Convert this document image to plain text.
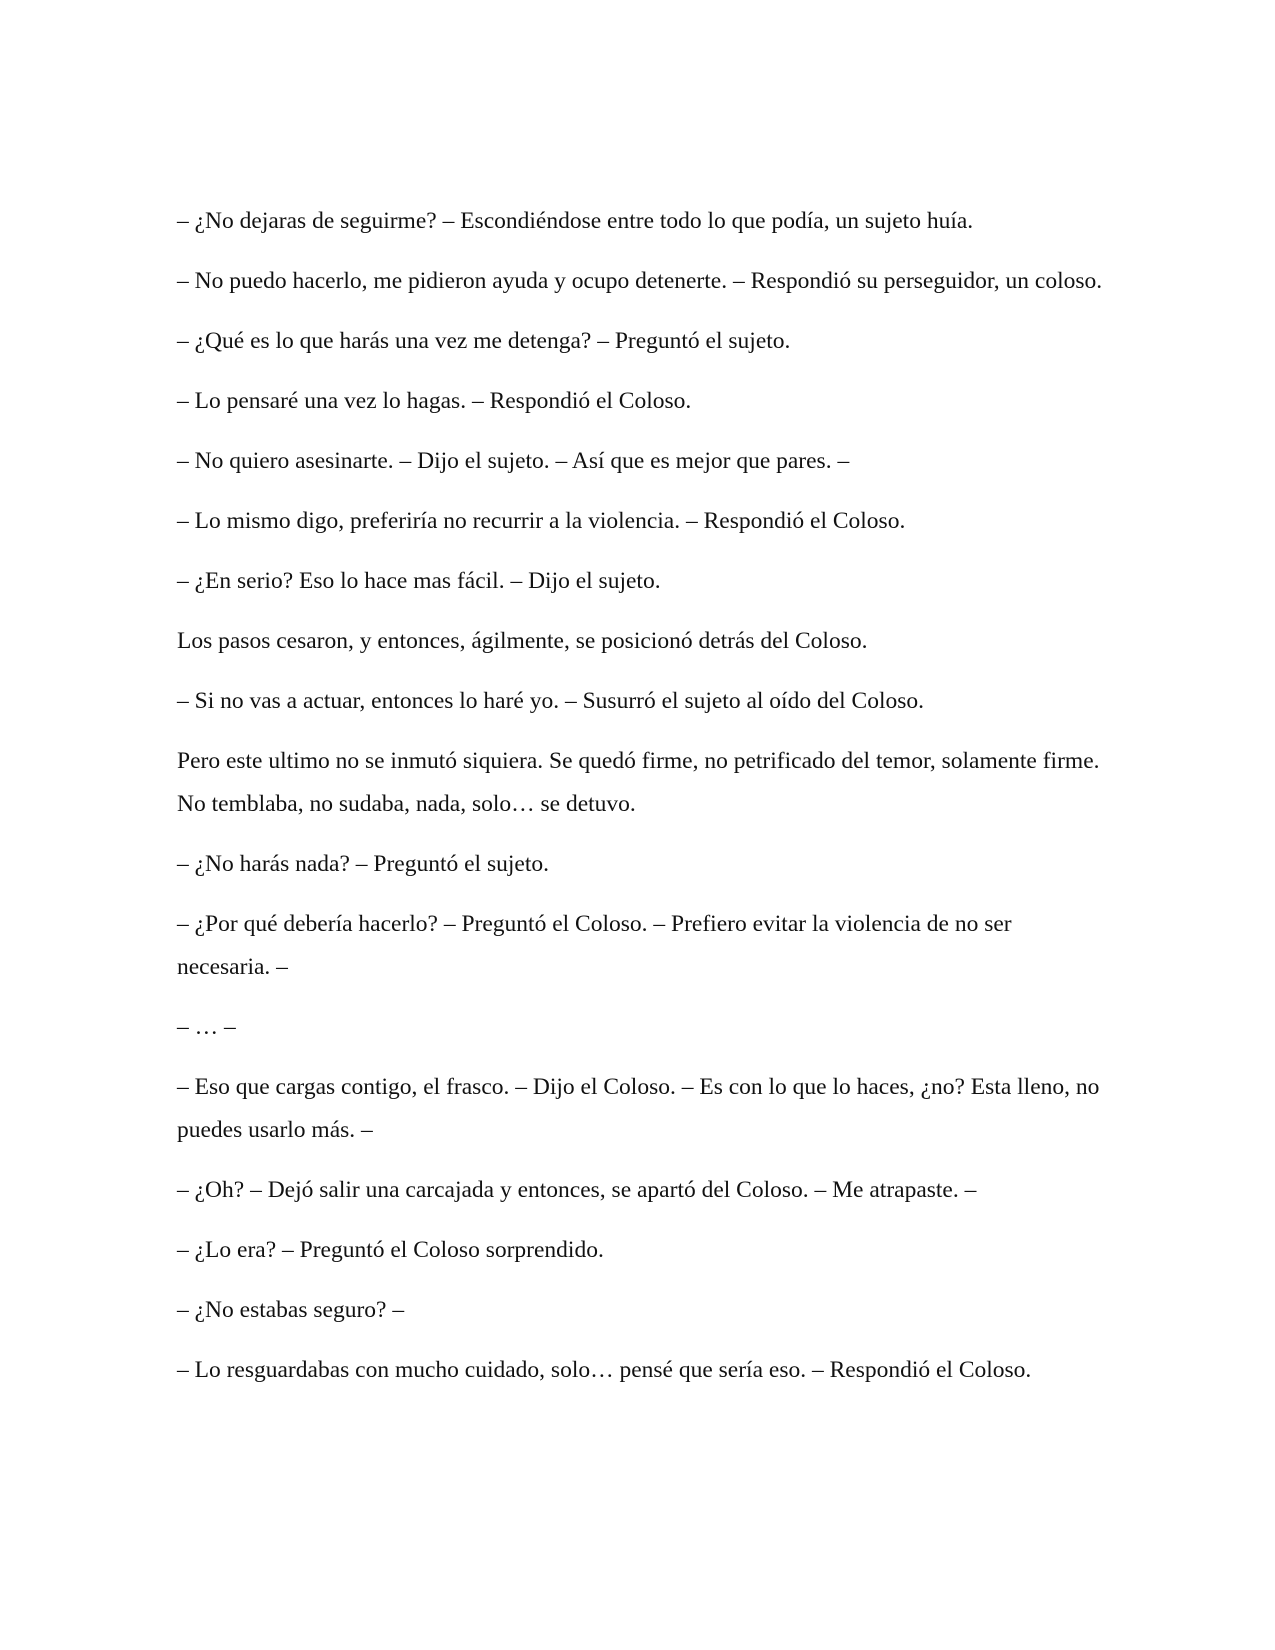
– ¿No dejaras de seguirme? – Escondiéndose entre todo lo que podía, un sujeto huía.

– No puedo hacerlo, me pidieron ayuda y ocupo detenerte. – Respondió su perseguidor, un coloso.

– ¿Qué es lo que harás una vez me detenga? – Preguntó el sujeto.

– Lo pensaré una vez lo hagas. – Respondió el Coloso.

– No quiero asesinarte. – Dijo el sujeto. – Así que es mejor que pares. –

– Lo mismo digo, preferiría no recurrir a la violencia. – Respondió el Coloso.

– ¿En serio? Eso lo hace mas fácil. – Dijo el sujeto.

Los pasos cesaron, y entonces, ágilmente, se posicionó detrás del Coloso.

– Si no vas a actuar, entonces lo haré yo. – Susurró el sujeto al oído del Coloso.

Pero este ultimo no se inmutó siquiera. Se quedó firme, no petrificado del temor, solamente firme. No temblaba, no sudaba, nada, solo… se detuvo.

– ¿No harás nada? – Preguntó el sujeto.

– ¿Por qué debería hacerlo? – Preguntó el Coloso. – Prefiero evitar la violencia de no ser necesaria. –

– … –

– Eso que cargas contigo, el frasco. – Dijo el Coloso. – Es con lo que lo haces, ¿no? Esta lleno, no puedes usarlo más. –

– ¿Oh? – Dejó salir una carcajada y entonces, se apartó del Coloso. – Me atrapaste. –

– ¿Lo era? – Preguntó el Coloso sorprendido.

– ¿No estabas seguro? –

– Lo resguardabas con mucho cuidado, solo… pensé que sería eso. – Respondió el Coloso.
